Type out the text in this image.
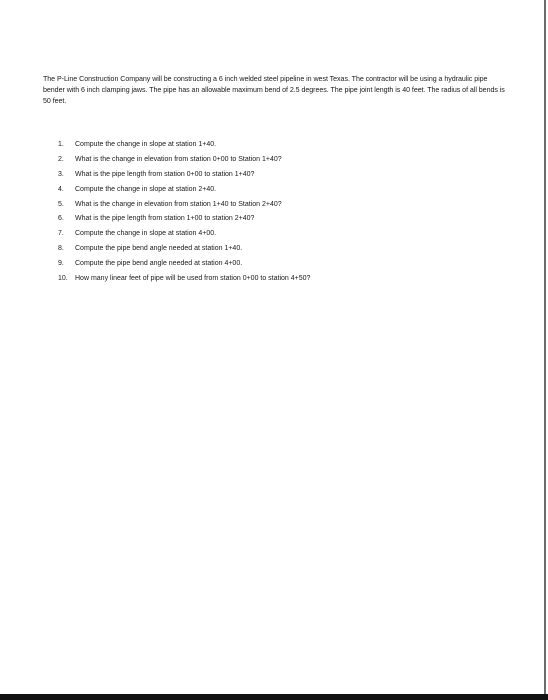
The P-Line Construction Company will be constructing a 6 inch welded steel pipeline in west Texas. The contractor will be using a hydraulic pipe bender with 6 inch clamping jaws. The pipe has an allowable maximum bend of 2.5 degrees. The pipe joint length is 40 feet. The radius of all bends is 50 feet.

1.	Compute the change in slope at station 1+40.
2.	What is the change in elevation from station 0+00 to Station 1+40?
3.	What is the pipe length from station 0+00 to station 1+40?
4.	Compute the change in slope at station 2+40.
5.	What is the change in elevation from station 1+40 to Station 2+40?
6.	What is the pipe length from station 1+00 to station 2+40?
7.	Compute the change in slope at station 4+00.
8.	Compute the pipe bend angle needed at station 1+40.
9.	Compute the pipe bend angle needed at station 4+00.
10.	How many linear feet of pipe will be used from station 0+00 to station 4+50?
